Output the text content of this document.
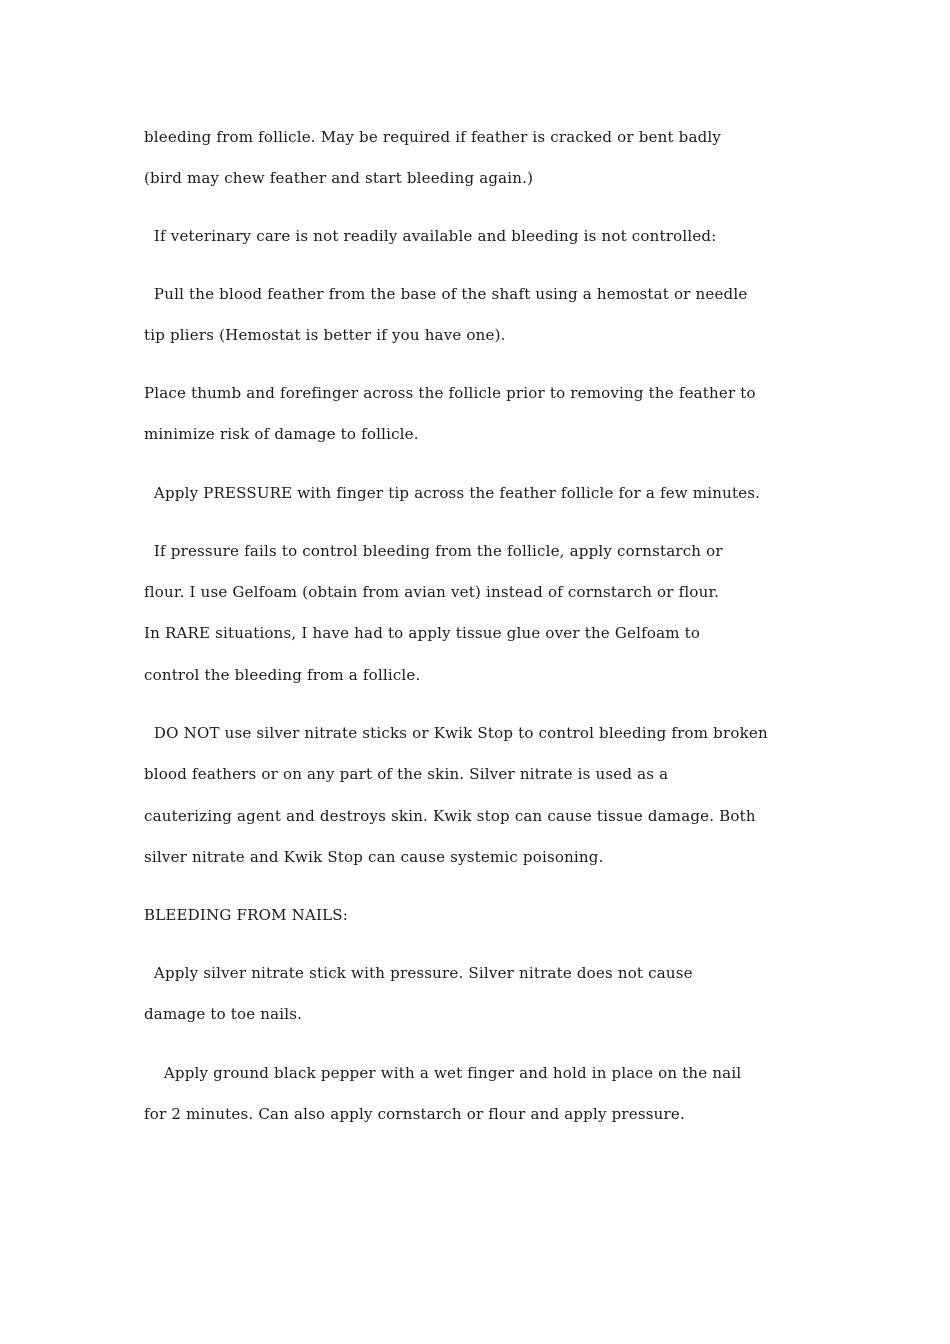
bleeding from follicle. May be required if feather is cracked or bent badly
(bird may chew feather and start bleeding again.)
If veterinary care is not readily available and bleeding is not controlled:
Pull the blood feather from the base of the shaft using a hemostat or needle
tip pliers (Hemostat is better if you have one).
Place thumb and forefinger across the follicle prior to removing the feather to
minimize risk of damage to follicle.
Apply PRESSURE with finger tip across the feather follicle for a few minutes.
If pressure fails to control bleeding from the follicle, apply cornstarch or
flour. I use Gelfoam (obtain from avian vet) instead of cornstarch or flour.
In RARE situations, I have had to apply tissue glue over the Gelfoam to
control the bleeding from a follicle.
DO NOT use silver nitrate sticks or Kwik Stop to control bleeding from broken
blood feathers or on any part of the skin. Silver nitrate is used as a
cauterizing agent and destroys skin. Kwik stop can cause tissue damage. Both
silver nitrate and Kwik Stop can cause systemic poisoning.
BLEEDING FROM NAILS:
Apply silver nitrate stick with pressure. Silver nitrate does not cause
damage to toe nails.
Apply ground black pepper with a wet finger and hold in place on the nail
for 2 minutes. Can also apply cornstarch or flour and apply pressure.
